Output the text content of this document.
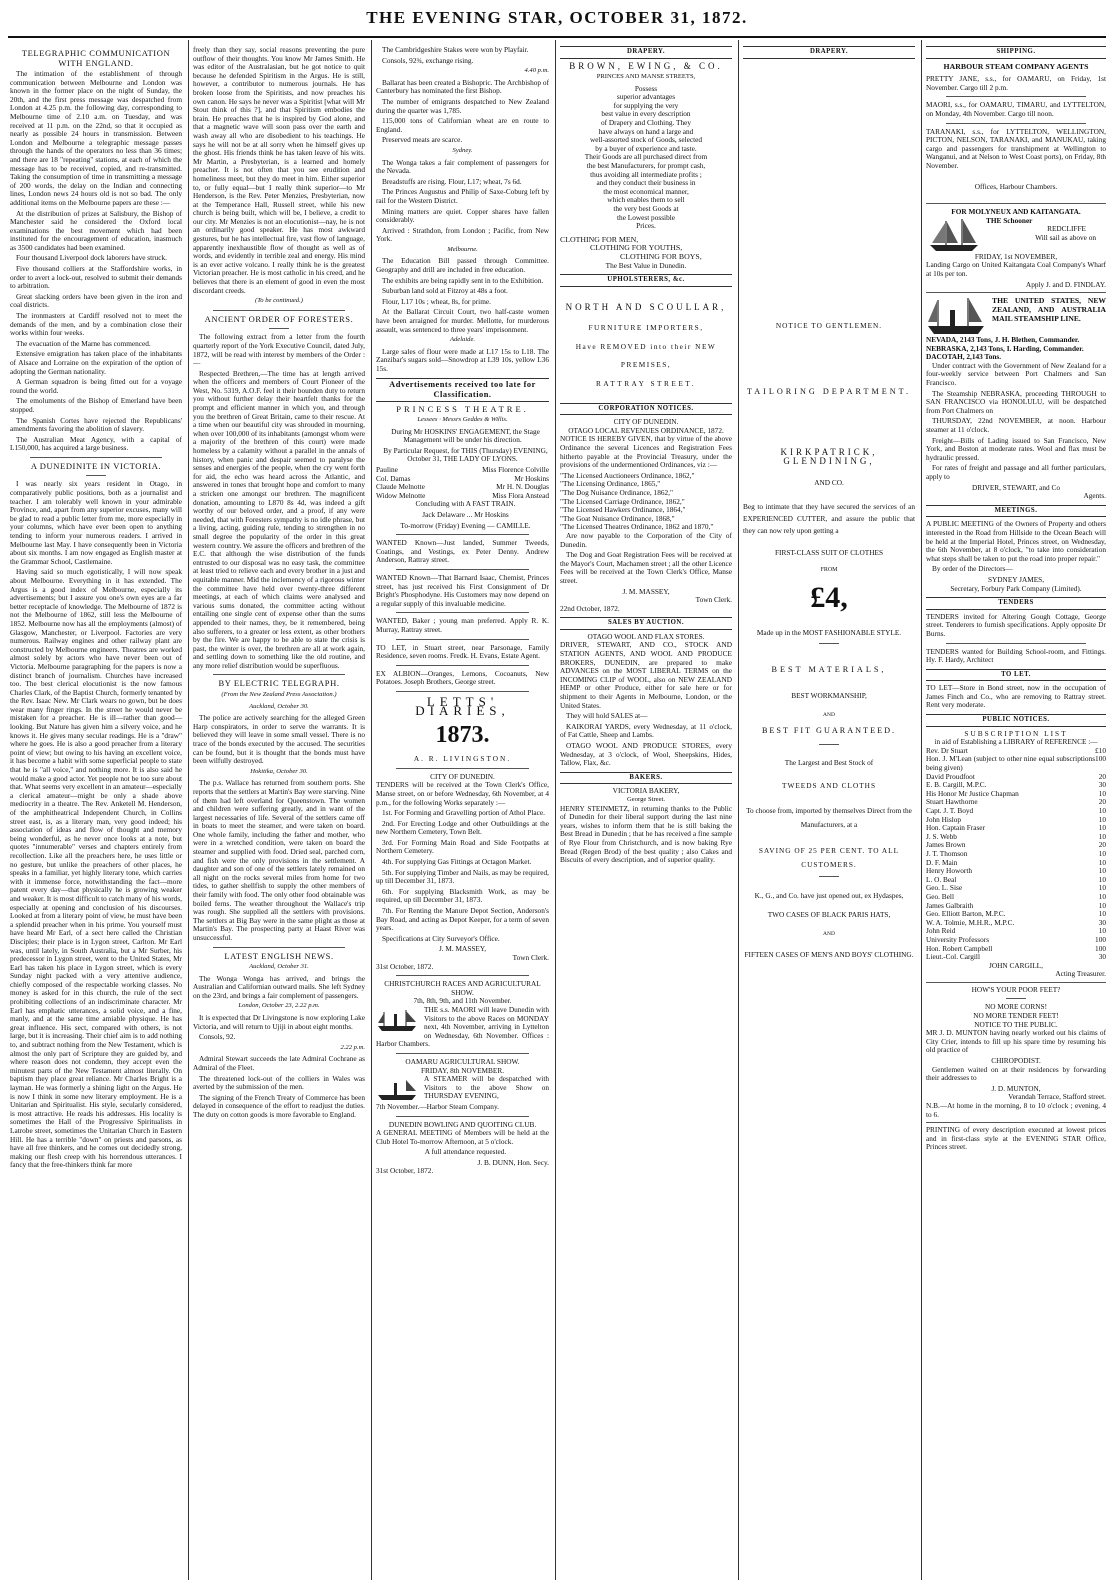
THE EVENING STAR, OCTOBER 31, 1872.
TELEGRAPHIC COMMUNICATION WITH ENGLAND.

The intimation of the establishment of through communication between Melbourne and London was known in the former place on the night of Sunday, the 20th, and the first press message was despatched from London at 4.25 p.m. the following day, corresponding to Melbourne time of 2.10 a.m. on Tuesday, and was received at 11 p.m. on the 22nd, so that it occupied as nearly as possible 24 hours in transmission. Between London and Melbourne a telegraphic message passes through the hands of the operators no less than 36 times; and there are 18 "repeating" stations, at each of which the message has to be received, copied, and re-transmitted. Taking the consumption of time in transmitting a message of 200 words, the delay on the Indian and connecting lines, London news 24 hours old is not so bad. The only additional items on the Melbourne papers are these :—

At the distribution of prizes at Salisbury, the Bishop of Manchester said he considered the Oxford local examinations the best movement which had been instituted for the encouragement of education, inasmuch as 3500 candidates had been examined.

Four thousand Liverpool dock laborers have struck.

Five thousand colliers at the Staffordshire works, in order to avert a lock-out, resolved to submit their demands to arbitration.

Great slacking orders have been given in the iron and coal districts.

The ironmasters at Cardiff resolved not to meet the demands of the men, and by a combination close their works within four weeks.

The evacuation of the Marne has commenced.

Extensive emigration has taken place of the inhabitants of Alsace and Lorraine on the expiration of the option of adopting the German nationality.

A German squadron is being fitted out for a voyage round the world.

The emoluments of the Bishop of Emerland have been stopped.

The Spanish Cortes have rejected the Republicans' amendments favoring the abolition of slavery.

The Australian Meat Agency, with a capital of L150,000, has acquired a large business.

A DUNEDINITE IN VICTORIA.

I was nearly six years resident in Otago, in comparatively public positions, both as a journalist and teacher. I am tolerably well known in your admirable Province, and, apart from any superior excuses, many will be glad to read a public letter from me, more especially in your columns, which have ever been open to anything tending to inform your numerous readers. I arrived in Melbourne last May. I have consequently been in Victoria about six months. I am now engaged as English master at the Grammar School, Castlemaine.

Having said so much egotistically, I will now speak about Melbourne. Everything in it has extended. The Argus is a good index of Melbourne, especially its advertisements; but I assure you one's own eyes are a far better receptacle of knowledge. The Melbourne of 1872 is not the Melbourne of 1862, still less the Melbourne of 1852. Melbourne now has all the employments (almost) of Glasgow, Manchester, or Liverpool. Factories are very numerous. Railway engines and other railway plant are constructed by Melbourne engineers. Theatres are worked almost solely by actors who have never been out of Victoria. Melbourne paragraphing for the papers is now a distinct branch of journalism. Churches have increased too. The best clerical elocutionist is the now famous Charles Clark, of the Baptist Church, formerly tenanted by the Rev. Isaac New. Mr Clark wears no gown, but he does wear many finger rings. In the street he would never be mistaken for a preacher. He is ill—rather than good—looking. But Nature has given him a silvery voice, and he knows it. He gives many secular readings. He is a "draw" where he goes. He is also a good preacher from a literary point of view; but owing to his having an excellent voice, it has become a habit with some superficial people to state that he is "all voice," and nothing more. It is also said he would make a good actor. Yet people not be too sure about that. What seems very excellent in an amateur—especially a clerical amateur—might be only a shade above mediocrity in a theatre. The Rev. Anketell M. Henderson, of the amphitheatrical Independent Church, in Collins street east, is, as a literary man, very good indeed; his association of ideas and flow of thought and memory being wonderful, as he never once looks at a note, but quotes "innumerable" verses and chapters entirely from recollection. Like all the preachers here, he uses little or no gesture, but unlike the preachers of other places, he speaks in a familiar, yet highly literary tone, which carries with it immense force, notwithstanding the fact—more patent every day—that physically he is growing weaker and weaker. It is most difficult to catch many of his words, especially at opening and conclusion of his discourses. Looked at from a literary point of view, he must have been a splendid preacher when in his prime. You yourself must have heard Mr Earl, of a sect here called the Christian Disciples; their place is in Lygon street, Carlton. Mr Earl was, until lately, in South Australia, but a Mr Surber, his predecessor in Lygon street, went to the United States, Mr Earl has taken his place in Lygon street, which is every Sunday night packed with a very attentive audience, chiefly composed of the respectable working classes. No money is asked for in this church, the rule of the sect prohibiting collections of an indiscriminate character. Mr Earl has emphatic utterances, a solid voice, and a fine, manly, and at the same time amiable physique. He has great influence. His sect, compared with others, is not large, but it is increasing. Their chief aim is to add nothing to, and subtract nothing from the New Testament, which is almost the only part of Scripture they are guided by, and where reason does not condemn, they accept even the minutest parts of the New Testament almost literally. On baptism they place great reliance. Mr Charles Bright is a layman. He was formerly a shining light on the Argus. He is now I think in some new literary employment. He is a Unitarian and Spiritualist. His style, secularly considered, is most attractive. He reads his addresses. His locality is sometimes the Hall of the Progressive Spiritualists in Latrobe street, sometimes the Unitarian Church in Eastern Hill. He has a terrible "down" on priests and parsons, as have all free thinkers, and he comes out decidedly strong, making our flesh creep with his horrendous utterances. I fancy that the free-thinkers think far more

freely than they say, social reasons preventing the pure outflow of their thoughts. You know Mr James Smith. He was editor of the Australasian, but he got notice to quit because he defended Spiritism in the Argus. He is still, however, a contributor to numerous journals. He has broken loose from the Spiritists, and now preaches his own canon. He says he never was a Spiritist [what will Mr Stout think of this ?], and that Spiritism embodies the brain. He preaches that he is inspired by God alone, and that a magnetic wave will soon pass over the earth and wash away all who are disobedient to his teachings. He says he will not be at all sorry when he himself gives up the ghost. His friends think he has taken leave of his wits. Mr Martin, a Presbyterian, is a learned and homely preacher. It is not often that you see erudition and homeliness meet, but they do meet in him. Either superior to, or fully equal—but I really think superior—to Mr Henderson, is the Rev. Peter Menzies, Presbyterian, now at the Temperance Hall, Russell street, while his new church is being built, which will be, I believe, a credit to our city. Mr Menzies is not an elocutionist—nay, he is not an ordinarily good speaker. He has most awkward gestures, but he has intellectual fire, vast flow of language, apparently inexhaustible flow of thought as well as of words, and evidently in terrible zeal and energy. His mind is an ever active volcano. I really think he is the greatest Victorian preacher. He is most catholic in his creed, and he believes that there is an element of good in even the most discordant creeds.

(To be continued.)
ANCIENT ORDER OF FORESTERS.

The following extract from a letter from the fourth quarterly report of the York Executive Council, dated July, 1872, will be read with interest by members of the Order :—

Respected Brethren,—The time has at length arrived when the officers and members of Court Pioneer of the West, No. 5319, A.O.F. feel it their bounden duty to return you without further delay their heartfelt thanks for the prompt and efficient manner in which you, and through you the brethren of Great Britain, came to their rescue. At a time when our beautiful city was shrouded in mourning, when over 100,000 of its inhabitants (amongst whom were a majority of the brethren of this court) were made homeless by a calamity without a parallel in the annals of history, when panic and despair seemed to paralyse the senses and energies of the people, when the cry went forth for aid, the echo was heard across the Atlantic, and answered in tones that brought hope and comfort to many a stricken one amongst our brethren. The magnificent donation, amounting to L870 8s 4d, was indeed a gift worthy of our beloved order, and a proof, if any were needed, that with Foresters sympathy is no idle phrase, but a living, acting, guiding rule, tending to strengthen in no small degree the popularity of the order in this great western country. We assure the officers and brethren of the E.C. that although the wise distribution of the funds entrusted to our disposal was no easy task, the committee at least tried to relieve each and every brother in a just and equitable manner. Mid the inclemency of a rigorous winter the committee have held over twenty-three different meetings, at each of which claims were analysed and various sums donated, the committee acting without entailing one single cent of expense other than the sums appended to their names, they, be it remembered, being also sufferers, to a greater or less extent, as other brothers by the fire. We are happy to be able to state the crisis is past, the winter is over, the brethren are all at work again, and settling down to something like the old routine, and any more relief distribution would be superfluous.

BY ELECTRIC TELEGRAPH.
(From the New Zealand Press Association.)
Auckland, October 30.

The police are actively searching for the alleged Green Harp conspirators, in order to serve the warrants. It is believed they will leave in some small vessel. There is no trace of the bonds executed by the accused. The securities can be found, but it is thought that the bonds must have been wilfully destroyed.

Hokitika, October 30.

The p.s. Wallace has returned from southern ports. She reports that the settlers at Martin's Bay were starving. Nine of them had left overland for Queenstown. The women and children were suffering greatly, and in want of the largest necessaries of life. Several of the settlers came off in boats to meet the steamer, and were taken on board. One whole family, including the father and mother, who were in a wretched condition, were taken on board the steamer and supplied with food. Dried seal, parched corn, and fish were the only provisions in the settlement. A daughter and son of one of the settlers lately remained on all night on the rocks several miles from home for two tides, to gather shellfish to supply the other members of their family with food. The only other food obtainable was boiled ferns. The weather throughout the Wallace's trip was rough. She supplied all the settlers with provisions. The settlers at Big Bay were in the same plight as those at Martin's Bay. The prospecting party at Haast River was unsuccessful.

LATEST ENGLISH NEWS.
Auckland, October 31.

The Wonga Wonga has arrived, and brings the Australian and Californian outward mails. She left Sydney on the 23rd, and brings a fair complement of passengers.

London, October 23, 2.22 p.m.

It is expected that Dr Livingstone is now exploring Lake Victoria, and will return to Ujiji in about eight months.

Consols, 92.

2.22 p.m.

Admiral Stewart succeeds the late Admiral Cochrane as Admiral of the Fleet.

The threatened lock-out of the colliers in Wales was averted by the submission of the men.

The signing of the French Treaty of Commerce has been delayed in consequence of the effort to readjust the duties. The duty on cotton goods is more favorable to England.

The Cambridgeshire Stakes were won by Playfair.

Consols, 92¾, exchange rising.

4.40 p.m.

Ballarat has been created a Bishopric. The Archbishop of Canterbury has nominated the first Bishop.

The number of emigrants despatched to New Zealand during the quarter was 1,785.

115,000 tons of Californian wheat are en route to England.

Preserved meats are scarce.

Sydney.

The Wonga takes a fair complement of passengers for the Nevada.

Breadstuffs are rising. Flour, L17; wheat, 7s 6d.

The Princes Augustus and Philip of Saxe-Coburg left by rail for the Western District.

Mining matters are quiet. Copper shares have fallen considerably.

Arrived : Strathdon, from London ; Pacific, from New York.

Melbourne.

The Education Bill passed through Committee. Geography and drill are included in free education.

The exhibits are being rapidly sent in to the Exhibition.

Suburban land sold at Fitzroy at 48s a foot.

Flour, L17 10s ; wheat, 8s, for prime.

At the Ballarat Circuit Court, two half-caste women have been arraigned for murder. Mellotte, for murderous assault, was sentenced to three years' imprisonment.

Adelaide.

Large sales of flour were made at L17 15s to L18. The Zanzibar's sugars sold—Snowdrop at L39 10s, yellow L36 15s.

Advertisements received too late for Classification.
PRINCESS THEATRE.
Lessees · Messrs Geddes & Willis.

During Mr HOSKINS' ENGAGEMENT, the Stage Management will be under his direction.

By Particular Request, for THIS (Thursday) EVENING, October 31, THE LADY OF LYONS.

Pauline	Miss Florence Colville
Col. Damas	Mr Hoskins
Claude Melnotte	Mr H. N. Douglas
Widow Melnotte	Miss Flora Anstead

Concluding with A FAST TRAIN.

Jack Delaware ... Mr Hoskins

To-morrow (Friday) Evening — CAMILLE.

WANTED Known—Just landed, Summer Tweeds, Coatings, and Vestings, ex Peter Denny. Andrew Anderson, Rattray street.

WANTED Known—That Barnard Isaac, Chemist, Princes street, has just received his First Consignment of Dr Bright's Phosphodyne. His Customers may now depend on a regular supply of this invaluable medicine.

WANTED, Baker ; young man preferred. Apply R. K. Murray, Rattray street.

TO LET, in Stuart street, near Parsonage, Family Residence, seven rooms. Fredk. H. Evans, Estate Agent.

EX ALBION—Oranges, Lemons, Cocoanuts, New Potatoes. Joseph Brothers, George street.

LETTS' DIARIES,
1873.
A. R. LIVINGSTON.
CITY OF DUNEDIN.

TENDERS will be received at the Town Clerk's Office, Manse street, on or before Wednesday, 6th November, at 4 p.m., for the following Works separately :—

1st. For Forming and Gravelling portion of Athol Place.

2nd. For Erecting Lodge and other Outbuildings at the new Northern Cemetery, Town Belt.

3rd. For Forming Main Road and Side Footpaths at Northern Cemetery.

4th. For supplying Gas Fittings at Octagon Market.

5th. For supplying Timber and Nails, as may be required, up till December 31, 1873.

6th. For supplying Blacksmith Work, as may be required, up till December 31, 1873.

7th. For Renting the Manure Depot Section, Anderson's Bay Road, and acting as Depot Keeper, for a term of seven years.

Specifications at City Surveyor's Office.

J. M. MASSEY,
Town Clerk.
31st October, 1872.
CHRISTCHURCH RACES AND AGRICULTURAL SHOW.
7th, 8th, 9th, and 11th November.

THE s.s. MAORI will leave Dunedin with Visitors to the above Races on MONDAY next, 4th November, arriving in Lyttelton on Wednesday, 6th November. Offices : Harbor Chambers.

OAMARU AGRICULTURAL SHOW.
FRIDAY, 8th NOVEMBER.

A STEAMER will be despatched with Visitors to the above Show on THURSDAY EVENING,

7th November.—Harbor Steam Company.

DUNEDIN BOWLING AND QUOITING CLUB.

A GENERAL MEETING of Members will be held at the Club Hotel To-morrow Afternoon, at 5 o'clock.

A full attendance requested.

J. B. DUNN, Hon. Secy.
31st October, 1872.
DRAPERY.
BROWN, EWING, & CO.
PRINCES AND MANSE STREETS,
Possess
superior advantages
for supplying the very
best value in every description
of Drapery and Clothing. They
have always on hand a large and
well-assorted stock of Goods, selected
by a buyer of experience and taste.
Their Goods are all purchased direct from
the best Manufacturers, for prompt cash,
thus avoiding all intermediate profits ;
and they conduct their business in
the most economical manner,
which enables them to sell
the very best Goods at
the Lowest possible
Prices.
CLOTHING FOR MEN,
CLOTHING FOR YOUTHS,
CLOTHING FOR BOYS,
The Best Value in Dunedin.
UPHOLSTERERS, &c.
NORTH AND SCOULLAR,
FURNITURE IMPORTERS,
Have REMOVED into their NEW
PREMISES,
RATTRAY STREET.
CORPORATION NOTICES.
CITY OF DUNEDIN.
OTAGO LOCAL REVENUES ORDINANCE, 1872.

NOTICE IS HEREBY GIVEN, that by virtue of the above Ordinance the several Licences and Registration Fees hitherto payable at the Provincial Treasury, under the provisions of the undermentioned Ordinances, viz :—

"The Licensed Auctioneers Ordinance, 1862,"
"The Licensing Ordinance, 1865,"
"The Dog Nuisance Ordinance, 1862,"
"The Licensed Carriage Ordinance, 1862,"
"The Licensed Hawkers Ordinance, 1864,"
"The Goat Nuisance Ordinance, 1868,"
"The Licensed Theatres Ordinance, 1862 and 1870,"

Are now payable to the Corporation of the City of Dunedin.

The Dog and Goat Registration Fees will be received at the Mayor's Court, Machamen street ; all the other Licence Fees will be received at the Town Clerk's Office, Manse street.

J. M. MASSEY,
Town Clerk.
22nd October, 1872.
SALES BY AUCTION.
OTAGO WOOL AND FLAX STORES.

DRIVER, STEWART, AND CO., STOCK AND STATION AGENTS, AND WOOL AND PRODUCE BROKERS, DUNEDIN, are prepared to make ADVANCES on the MOST LIBERAL TERMS on the INCOMING CLIP of WOOL, also on NEW ZEALAND HEMP or other Produce, either for sale here or for shipment to their Agents in Melbourne, London, or the United States.

They will hold SALES at—

KAIKORAI YARDS, every Wednesday, at 11 o'clock, of Fat Cattle, Sheep and Lambs.

OTAGO WOOL AND PRODUCE STORES, every Wednesday, at 3 o'clock, of Wool, Sheepskins, Hides, Tallow, Flax, &c.

BAKERS.
VICTORIA BAKERY,
George Street.

HENRY STEINMETZ, in returning thanks to the Public of Dunedin for their liberal support during the last nine years, wishes to inform them that he is still baking the Best Bread in Dunedin ; that he has received a fine sample of Rye Flour from Christchurch, and is now baking Rye Bread (Regen Brod) of the best quality ; also Cakes and Biscuits of every description, and of superior quality.

DRAPERY.
NOTICE TO GENTLEMEN.
TAILORING DEPARTMENT.
KIRKPATRICK, GLENDINING,
AND CO.

Beg to intimate that they have secured the services of an EXPERIENCED CUTTER, and assure the public that they can now rely upon getting a

FIRST-CLASS SUIT OF CLOTHES
FROM
£4,
Made up in the MOST FASHIONABLE STYLE.
BEST MATERIALS,
BEST WORKMANSHIP,
AND
BEST FIT GUARANTEED.
The Largest and Best Stock of
TWEEDS AND CLOTHS
To choose from, imported by themselves Direct from the Manufacturers, at a
SAVING OF 25 PER CENT. TO ALL CUSTOMERS.
K., G., and Co. have just opened out, ex Hydaspes,
TWO CASES OF BLACK PARIS HATS,
AND
FIFTEEN CASES OF MEN'S AND BOYS' CLOTHING.
SHIPPING.
HARBOUR STEAM COMPANY AGENTS

PRETTY JANE, s.s., for OAMARU, on Friday, 1st November. Cargo till 2 p.m.

MAORI, s.s., for OAMARU, TIMARU, and LYTTELTON, on Monday, 4th November. Cargo till noon.

TARANAKI, s.s., for LYTTELTON, WELLINGTON, PICTON, NELSON, TARANAKI, and MANUKAU, taking cargo and passengers for transhipment at Wellington to Wanganui, and at Nelson to West Coast ports), on Friday, 8th November.

Offices, Harbour Chambers.
FOR MOLYNEUX AND KAITANGATA.
THE Schooner
REDCLIFFE
Will sail as above on
FRIDAY, 1st NOVEMBER,

Landing Cargo on United Kaitangata Coal Company's Wharf at 10s per ton.

Apply J. and D. FINDLAY.
THE UNITED STATES, NEW ZEALAND, AND AUSTRALIA MAIL STEAMSHIP LINE.
NEVADA, 2143 Tons, J. H. Blethen, Commander.
NEBRASKA, 2,143 Tons, I. Harding, Commander.
DACOTAH, 2,143 Tons.

Under contract with the Government of New Zealand for a four-weekly service between Port Chalmers and San Francisco.

The Steamship NEBRASKA, proceeding THROUGH to SAN FRANCISCO via HONOLULU, will be despatched from Port Chalmers on

THURSDAY, 22nd NOVEMBER, at noon. Harbour steamer at 11 o'clock.

Freight—Bills of Lading issued to San Francisco, New York, and Boston at moderate rates. Wool and flax must be hydraulic pressed.

For rates of freight and passage and all further particulars, apply to

DRIVER, STEWART, and Co
Agents.
MEETINGS.

A PUBLIC MEETING of the Owners of Property and others interested in the Road from Hillside to the Ocean Beach will be held at the Imperial Hotel, Princes street, on Wednesday, the 6th November, at 8 o'clock, "to take into consideration what steps shall be taken to put the road into proper repair."

By order of the Directors—

SYDNEY JAMES,
Secretary, Forbury Park Company (Limited).
TENDERS

TENDERS invited for Altering Gough Cottage, George street. Tenderers to furnish specifications. Apply opposite Dr Burns.

TENDERS wanted for Building School-room, and Fittings. Hy. F. Hardy, Architect

TO LET.

TO LET—Store in Bond street, now in the occupation of James Finch and Co., who are removing to Rattray street. Rent very moderate.

PUBLIC NOTICES.
SUBSCRIPTION LIST
in aid of Establishing a LIBRARY of REFERENCE :—
Rev. Dr Stuart	£10
Hon. J. M'Lean (subject to other nine equal subscriptions being given)
100
David Proudfoot	20
E. B. Cargill, M.P.C.	30
His Honor Mr Justice Chapman	10
Stuart Hawthorne	20
Capt. J. T. Boyd	10
John Hislop	10
Hon. Captain Fraser	10
J. S. Webb	10
James Brown	20
J. T. Thomson	10
D. F. Main	10
Henry Howorth	10
L. O. Beal	10
Geo. L. Sise	10
Geo. Bell	10
James Galbraith	10
Geo. Elliott Barton, M.P.C.	10
W. A. Tolmie, M.H.R., M.P.C.	30
John Reid	10
University Professors	100
Hon. Robert Campbell	100
Lieut.-Col. Cargill	30
JOHN CARGILL,
Acting Treasurer.
HOW'S YOUR POOR FEET?
NO MORE CORNS!
NO MORE TENDER FEET!
NOTICE TO THE PUBLIC.

MR J. D. MUNTON having nearly worked out his claims of City Crier, intends to fill up his spare time by resuming his old practice of

CHIROPODIST.

Gentlemen waited on at their residences by forwarding their addresses to

J. D. MUNTON,
Verandah Terrace, Stafford street.

N.B.—At home in the morning, 8 to 10 o'clock ; evening, 4 to 6.

PRINTING of every description executed at lowest prices and in first-class style at the EVENING STAR Office, Princes street.
